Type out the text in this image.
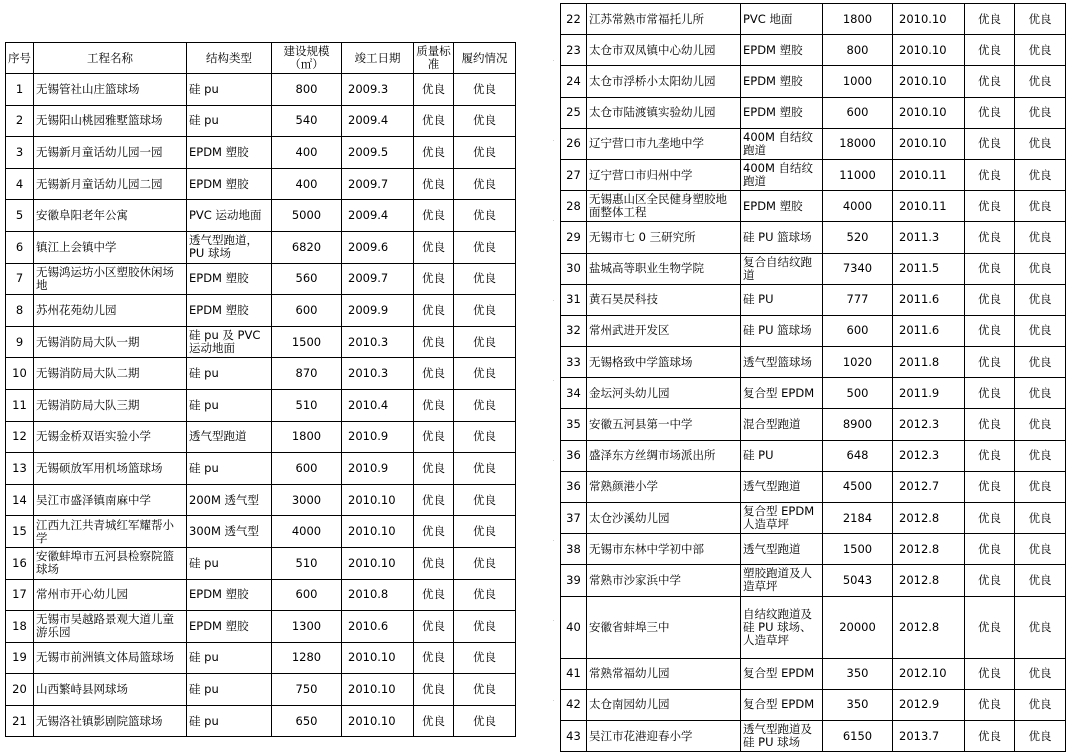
序号	工程名称	结构类型	建设规模（㎡）	竣工日期	质量标准	履约情况
1	无锡管社山庄篮球场	硅 pu	800	2009.3	优良	优良
2	无锡阳山桃园雅墅篮球场	硅 pu	540	2009.4	优良	优良
3	无锡新月童话幼儿园一园	EPDM 塑胶	400	2009.5	优良	优良
4	无锡新月童话幼儿园二园	EPDM 塑胶	400	2009.7	优良	优良
5	安徽阜阳老年公寓	PVC 运动地面	5000	2009.4	优良	优良
6	镇江上会镇中学	透气型跑道，PU 球场	6820	2009.6	优良	优良
7	无锡鸿运坊小区塑胶休闲场地	EPDM 塑胶	560	2009.7	优良	优良
8	苏州花苑幼儿园	EPDM 塑胶	600	2009.9	优良	优良
9	无锡消防局大队一期	硅 pu 及 PVC 运动地面	1500	2010.3	优良	优良
10	无锡消防局大队二期	硅 pu	870	2010.3	优良	优良
11	无锡消防局大队三期	硅 pu	510	2010.4	优良	优良
12	无锡金桥双语实验小学	透气型跑道	1800	2010.9	优良	优良
13	无锡硕放军用机场篮球场	硅 pu	600	2010.9	优良	优良
14	吴江市盛泽镇南麻中学	200M 透气型	3000	2010.10	优良	优良
15	江西九江共青城红军耀帮小学	300M 透气型	4000	2010.10	优良	优良
16	安徽蚌埠市五河县检察院篮球场	硅 pu	510	2010.10	优良	优良
17	常州市开心幼儿园	EPDM 塑胶	600	2010.8	优良	优良
18	无锡市吴越路景观大道儿童游乐园	EPDM 塑胶	1300	2010.6	优良	优良
19	无锡市前洲镇文体局篮球场	硅 pu	1280	2010.10	优良	优良
20	山西繁峙县网球场	硅 pu	750	2010.10	优良	优良
21	无锡洛社镇影剧院篮球场	硅 pu	650	2010.10	优良	优良
22	江苏常熟市常福托儿所	PVC 地面	1800	2010.10	优良	优良
23	太仓市双凤镇中心幼儿园	EPDM 塑胶	800	2010.10	优良	优良
24	太仓市浮桥小太阳幼儿园	EPDM 塑胶	1000	2010.10	优良	优良
25	太仓市陆渡镇实验幼儿园	EPDM 塑胶	600	2010.10	优良	优良
26	辽宁营口市九垄地中学	400M 自结纹跑道	18000	2010.10	优良	优良
27	辽宁营口市归州中学	400M 自结纹跑道	11000	2010.11	优良	优良
28	无锡惠山区全民健身塑胶地面整体工程	EPDM 塑胶	4000	2010.11	优良	优良
29	无锡市七 0 三研究所	硅 PU 篮球场	520	2011.3	优良	优良
30	盐城高等职业生物学院	复合自结纹跑道	7340	2011.5	优良	优良
31	黄石昊昃科技	硅 PU	777	2011.6	优良	优良
32	常州武进开发区	硅 PU 篮球场	600	2011.6	优良	优良
33	无锡格致中学篮球场	透气型篮球场	1020	2011.8	优良	优良
34	金坛河头幼儿园	复合型 EPDM	500	2011.9	优良	优良
35	安徽五河县第一中学	混合型跑道	8900	2012.3	优良	优良
36	盛泽东方丝绸市场派出所	硅 PU	648	2012.3	优良	优良
36	常熟颜港小学	透气型跑道	4500	2012.7	优良	优良
37	太仓沙溪幼儿园	复合型 EPDM 人造草坪	2184	2012.8	优良	优良
38	无锡市东林中学初中部	透气型跑道	1500	2012.8	优良	优良
39	常熟市沙家浜中学	塑胶跑道及人造草坪	5043	2012.8	优良	优良
40	安徽省蚌埠三中	自结纹跑道及硅 PU 球场、人造草坪	20000	2012.8	优良	优良
41	常熟常福幼儿园	复合型 EPDM	350	2012.10	优良	优良
42	太仓南园幼儿园	复合型 EPDM	350	2012.9	优良	优良
43	吴江市花港迎春小学	透气型跑道及硅 PU 球场	6150	2013.7	优良	优良
